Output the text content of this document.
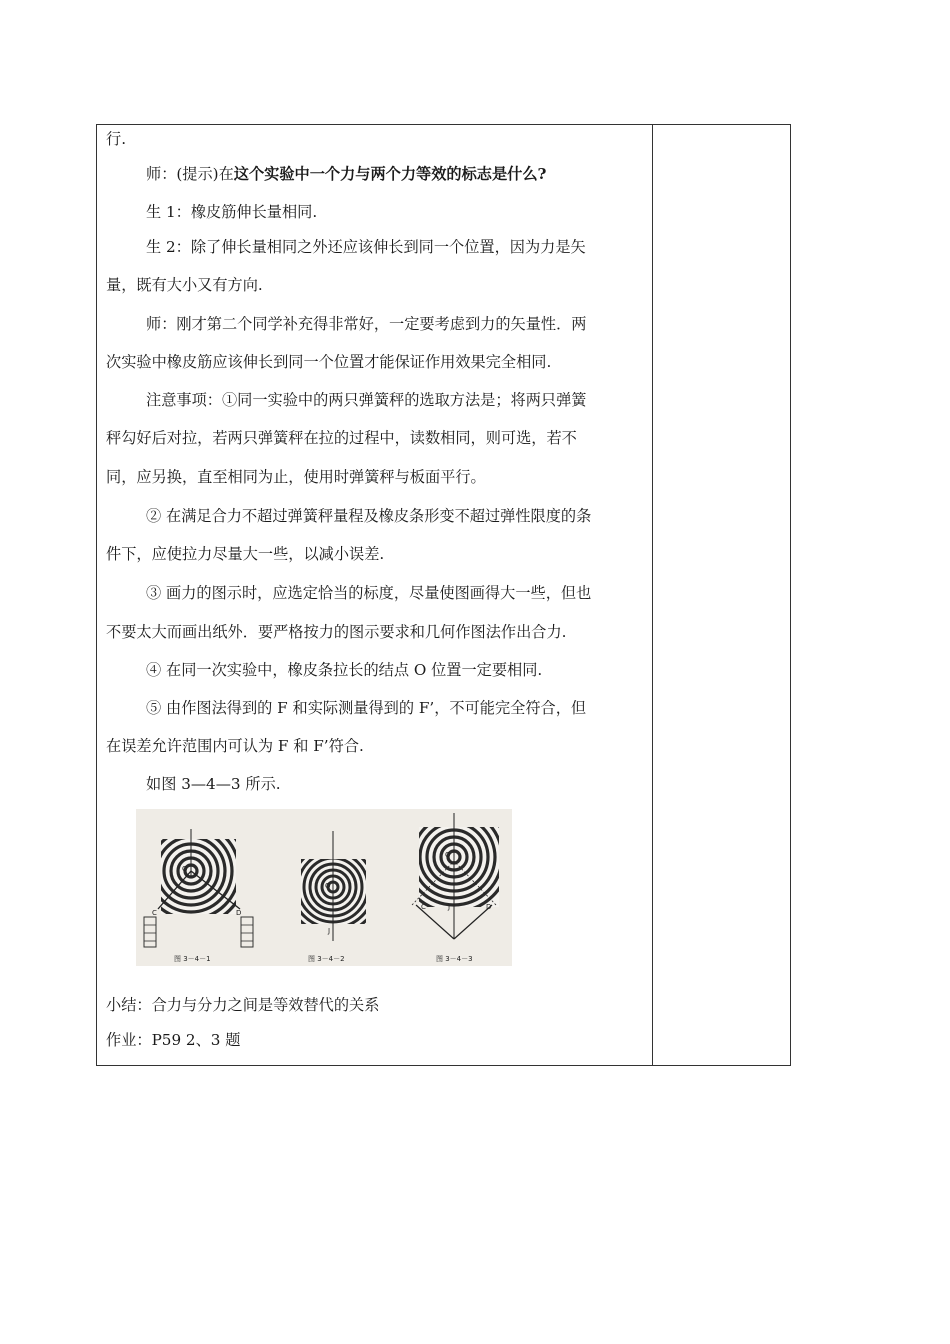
行.
师：(提示)在这个实验中一个力与两个力等效的标志是什么?
生 1：橡皮筋伸长量相同.
生 2：除了伸长量相同之外还应该伸长到同一个位置，因为力是矢
量，既有大小又有方向.
师：刚才第二个同学补充得非常好，一定要考虑到力的矢量性．两
次实验中橡皮筋应该伸长到同一个位置才能保证作用效果完全相同.
注意事项：①同一实验中的两只弹簧秤的选取方法是；将两只弹簧
秤勾好后对拉，若两只弹簧秤在拉的过程中，读数相同，则可选，若不
同，应另换，直至相同为止，使用时弹簧秤与板面平行。
② 在满足合力不超过弹簧秤量程及橡皮条形变不超过弹性限度的条
件下，应使拉力尽量大一些，以减小误差.
③ 画力的图示时，应选定恰当的标度，尽量使图画得大一些，但也
不要太大而画出纸外．要严格按力的图示要求和几何作图法作出合力.
④ 在同一次实验中，橡皮条拉长的结点 O 位置一定要相同.
⑤ 由作图法得到的 F 和实际测量得到的 F’，不可能完全符合，但
在误差允许范围内可认为 F 和 F’符合.
如图 3—4—3 所示.
O
C	D
图 3－4－1
O
J
图 3－4－2
O
C	J	D
图 3－4－3
小结：合力与分力之间是等效替代的关系
作业：P59 2、3 题
